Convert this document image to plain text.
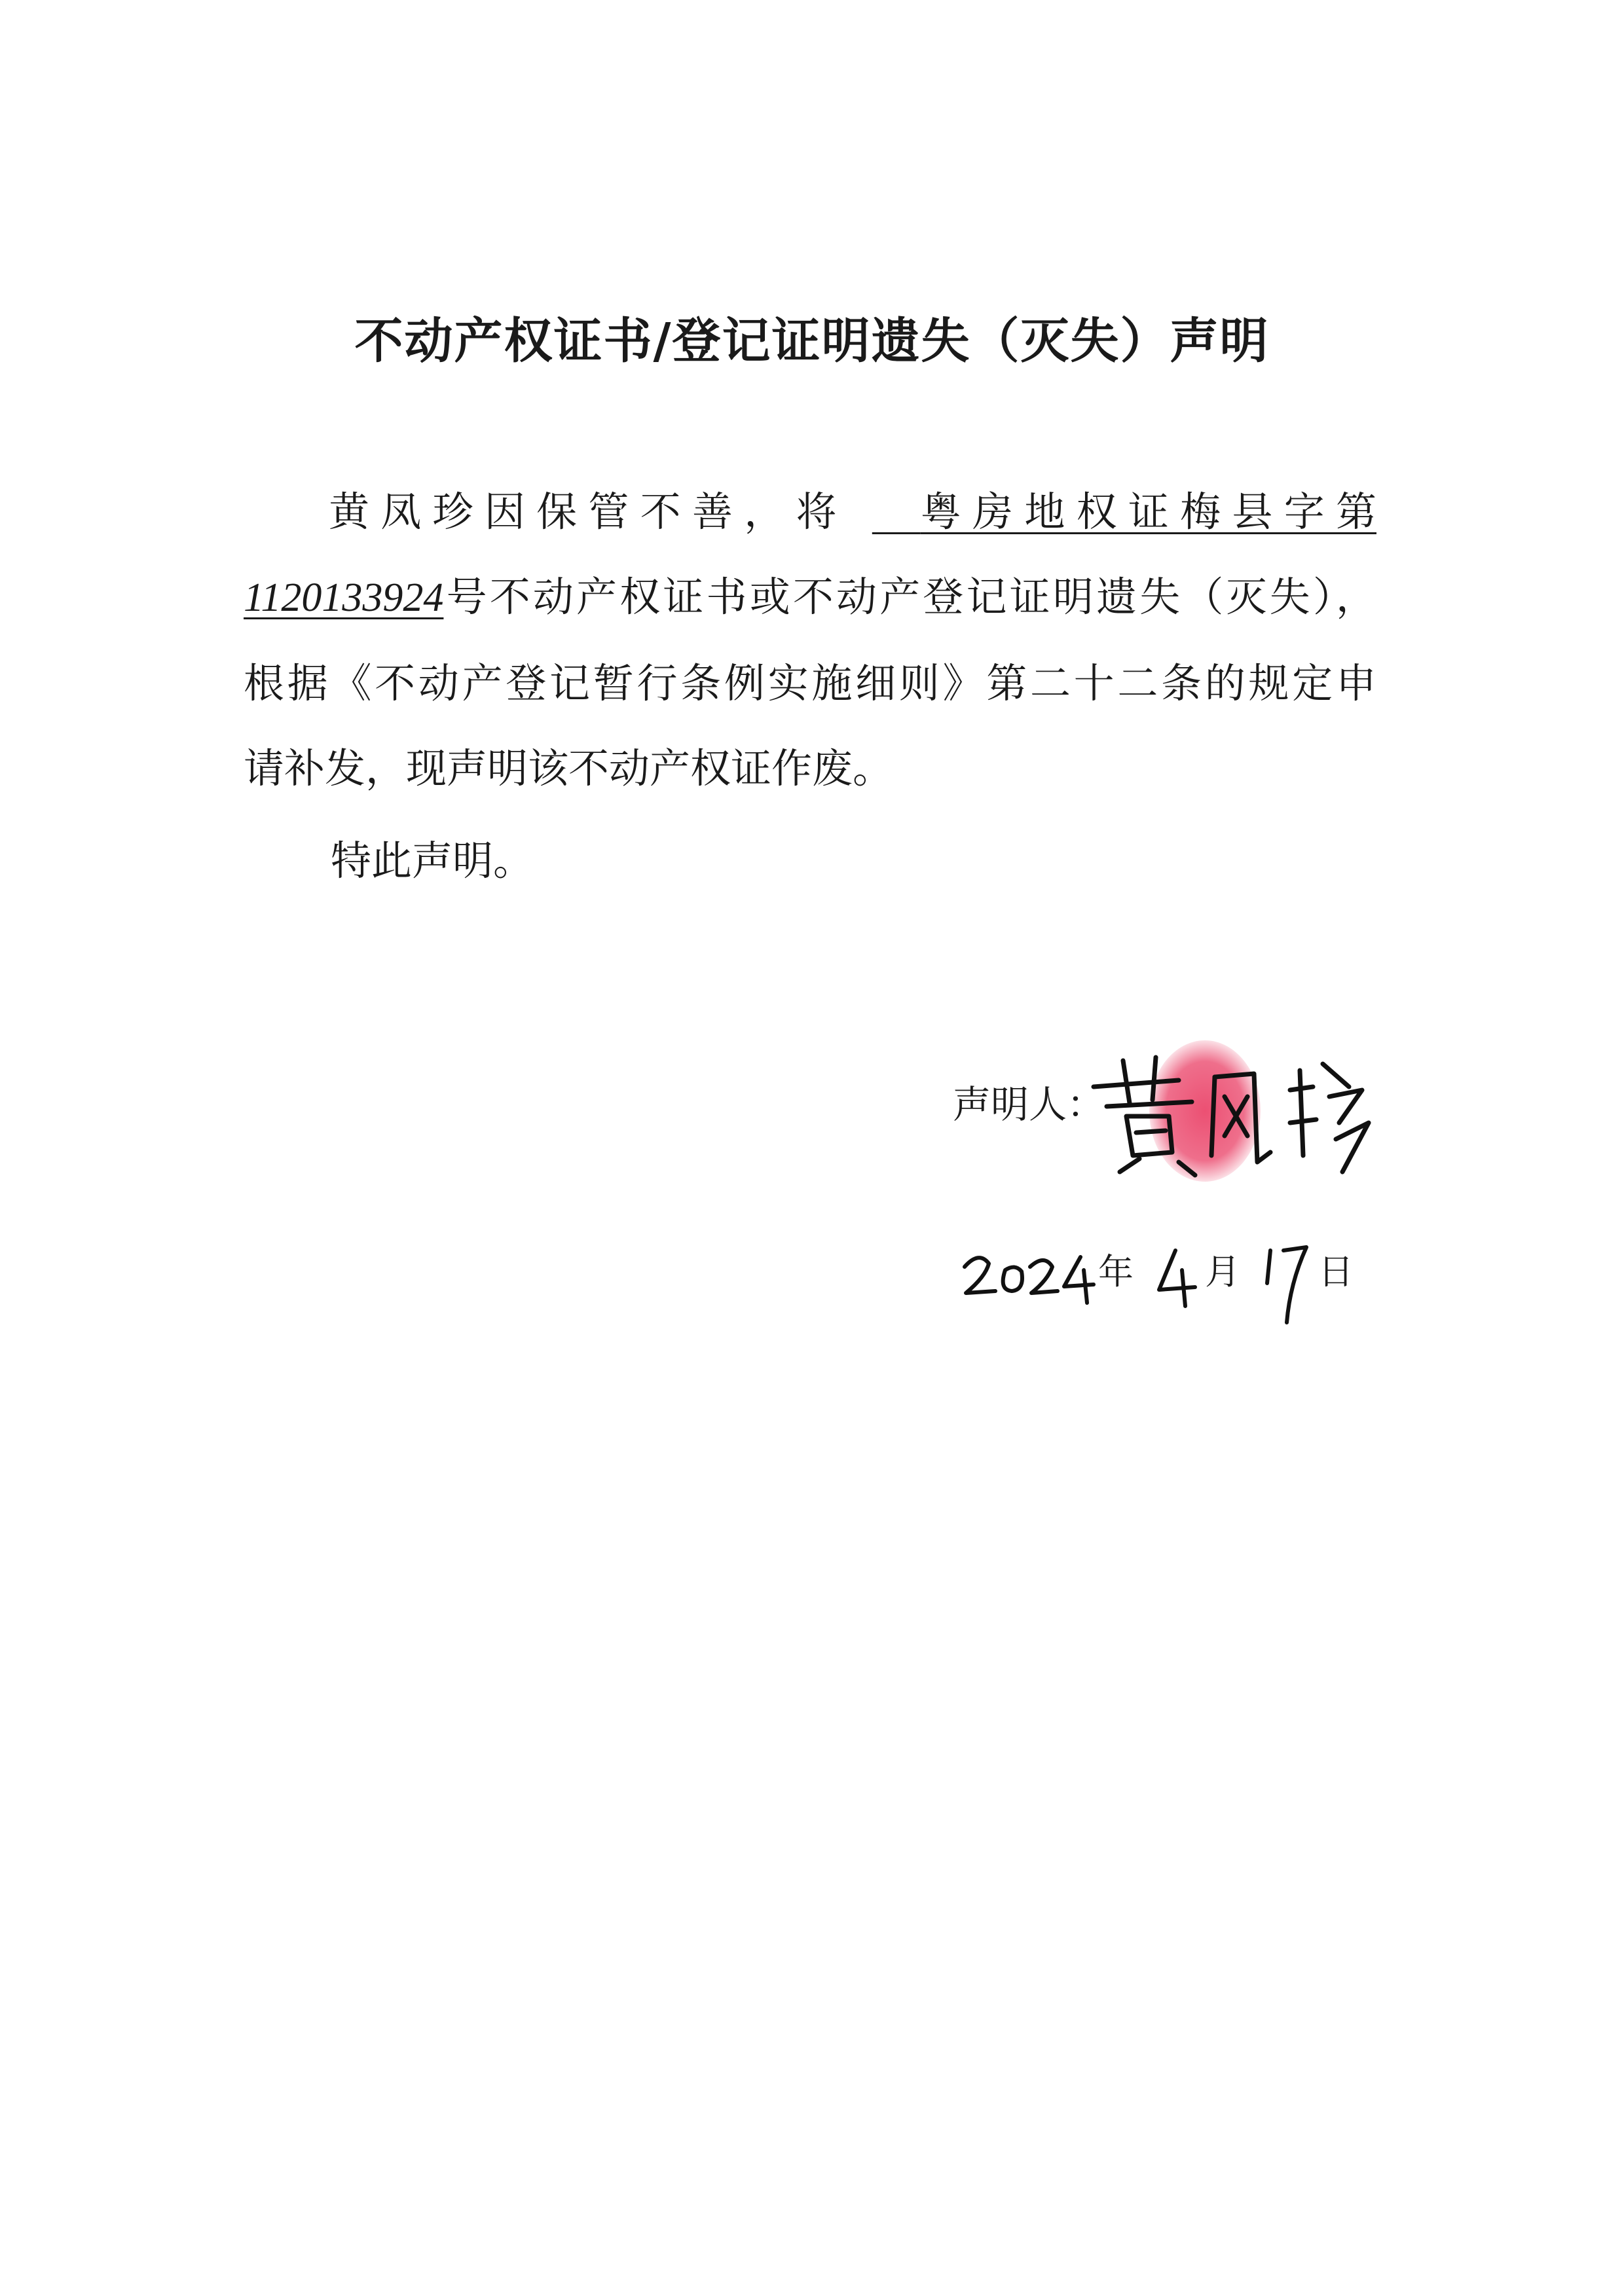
不动产权证书/登记证明遗失（灭失）声明
黄凤珍因保管不善，将 粤房地权证梅县字第
1120133924号不动产权证书或不动产登记证明遗失（灭失），
根据《不动产登记暂行条例实施细则》第二十二条的规定申
请补发，现声明该不动产权证作废。
特此声明。
声明人：
年 月 日
